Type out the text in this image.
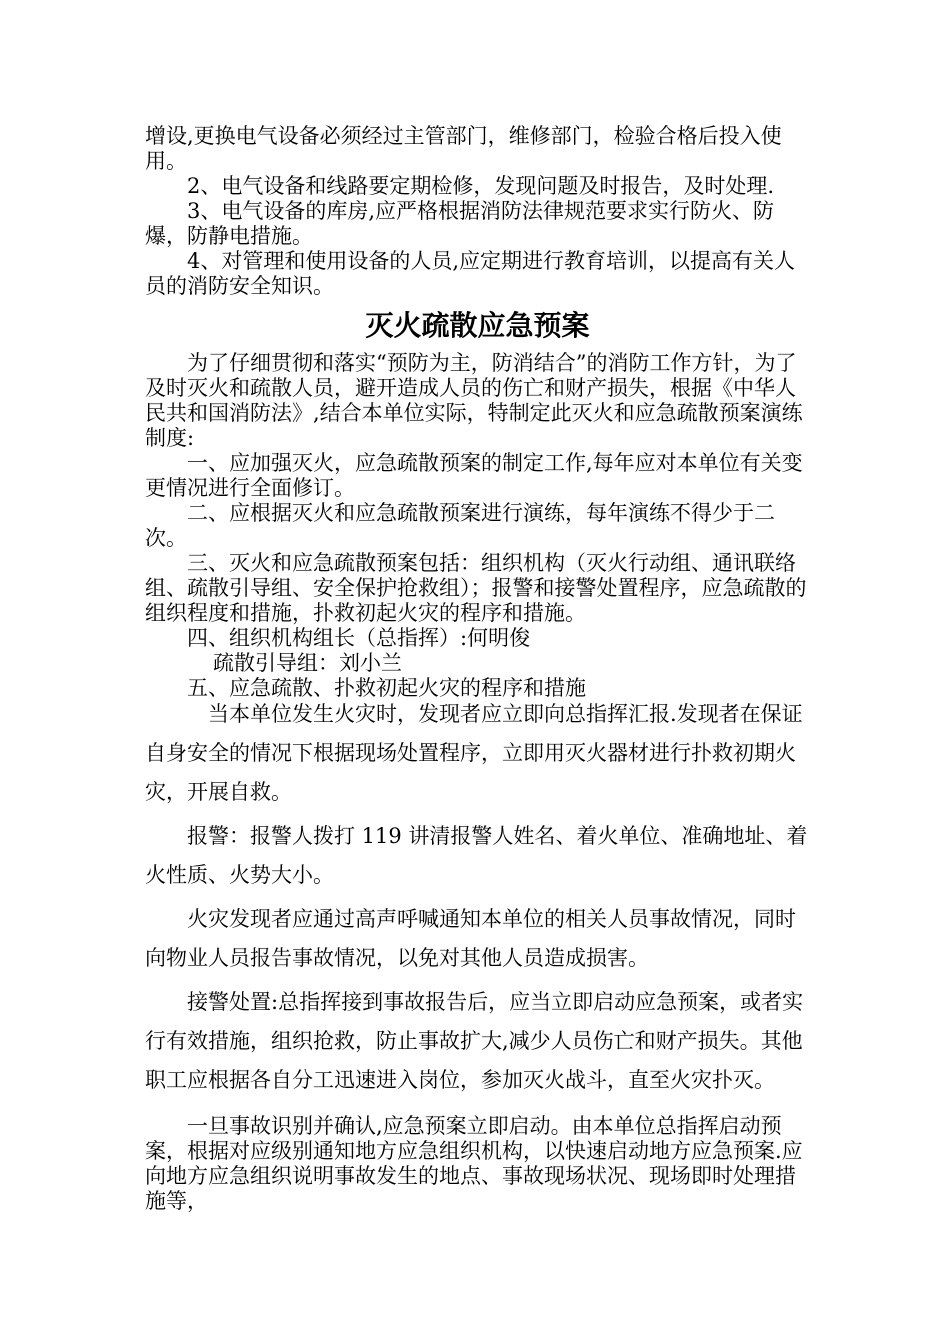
增设,更换电气设备必须经过主管部门，维修部门，检验合格后投入使用。

2、电气设备和线路要定期检修，发现问题及时报告，及时处理.

3、电气设备的库房,应严格根据消防法律规范要求实行防火、防爆，防静电措施。

4、对管理和使用设备的人员,应定期进行教育培训，以提高有关人员的消防安全知识。

灭火疏散应急预案

为了仔细贯彻和落实“预防为主，防消结合”的消防工作方针，为了及时灭火和疏散人员，避开造成人员的伤亡和财产损失，根据《中华人民共和国消防法》,结合本单位实际，特制定此灭火和应急疏散预案演练制度:

一、应加强灭火，应急疏散预案的制定工作,每年应对本单位有关变更情况进行全面修订。

二、应根据灭火和应急疏散预案进行演练，每年演练不得少于二次。

三、灭火和应急疏散预案包括：组织机构（灭火行动组、通讯联络组、疏散引导组、安全保护抢救组）；报警和接警处置程序，应急疏散的组织程度和措施，扑救初起火灾的程序和措施。

四、组织机构组长（总指挥）:何明俊

疏散引导组：刘小兰

五、应急疏散、扑救初起火灾的程序和措施

当本单位发生火灾时，发现者应立即向总指挥汇报.发现者在保证自身安全的情况下根据现场处置程序，立即用灭火器材进行扑救初期火灾，开展自救。

报警：报警人拨打 119 讲清报警人姓名、着火单位、准确地址、着火性质、火势大小。

火灾发现者应通过高声呼喊通知本单位的相关人员事故情况，同时向物业人员报告事故情况，以免对其他人员造成损害。

接警处置:总指挥接到事故报告后，应当立即启动应急预案，或者实行有效措施，组织抢救，防止事故扩大,减少人员伤亡和财产损失。其他职工应根据各自分工迅速进入岗位，参加灭火战斗，直至火灾扑灭。

一旦事故识别并确认,应急预案立即启动。由本单位总指挥启动预案，根据对应级别通知地方应急组织机构，以快速启动地方应急预案.应向地方应急组织说明事故发生的地点、事故现场状况、现场即时处理措施等，
